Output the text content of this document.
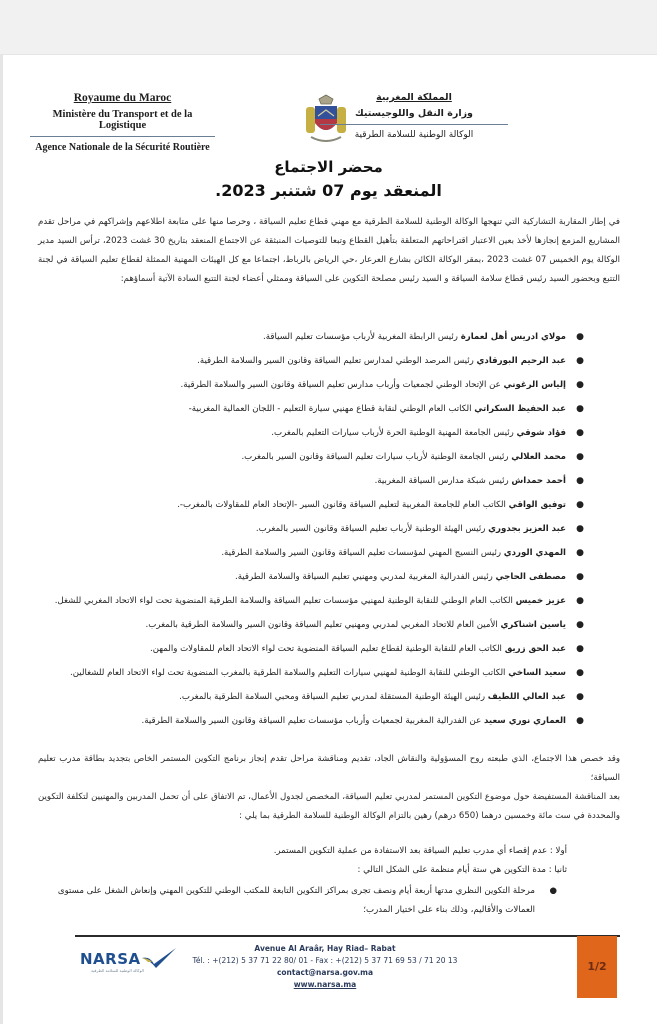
Royaume du Maroc
Ministère du Transport et de la Logistique
Agence Nationale de la Sécurité Routière
المملكة المغربية
وزارة النقل واللوجيستيك
الوكالة الوطنية للسلامة الطرقية
محضر الاجتماع
المنعقد يوم 07 شتنبر 2023.
في إطار المقاربة التشاركية التي تنهجها الوكالة الوطنية للسلامة الطرقية مع مهني قطاع تعليم السياقة ، وحرصا منها على متابعة اطلاعهم وإشراكهم في مراحل تقدم المشاريع المزمع إنجازها لأخذ بعين الاعتبار اقتراحاتهم المتعلقة بتأهيل القطاع وتبعا للتوصيات المنبثقة عن الاجتماع المنعقد بتاريخ 30 غشت 2023، ترأس السيد مدير الوكالة يوم الخميس 07 غشت 2023 ،بمقر الوكالة الكائن بشارع العرعار ،حي الرياض بالرباط، اجتماعا مع كل الهيئات المهنية الممثلة لقطاع تعليم السياقة في لجنة التتبع وبحضور السيد رئيس قطاع سلامة السياقة و السيد رئيس مصلحة التكوين على السياقة وممثلي أعضاء لجنة التتبع السادة الآتية أسماؤهم:
●
مولاي ادريس أهل لعمارة رئيس الرابطة المغربية لأرباب مؤسسات تعليم السياقة.
●
عبد الرحيم البورقادي رئيس المرصد الوطني لمدارس تعليم السياقة وقانون السير والسلامة الطرقية.
●
إلياس الرغوني عن الإتحاد الوطني لجمعيات وأرباب مدارس تعليم السياقة وقانون السير والسلامة الطرقية.
●
عبد الحفيظ السكراتي الكاتب العام الوطني لنقابة قطاع مهنيي سيارة التعليم - اللجان العمالية المغربية-
●
فؤاد شوقي رئيس الجامعة المهنية الوطنية الحرة لأرباب سيارات التعليم بالمغرب.
●
محمد العلالي رئيس الجامعة الوطنية لأرباب سيارات تعليم السياقة وقانون السير بالمغرب.
●
أحمد حمداش رئيس شبكة مدارس السياقة المغربية.
●
توفيق الواقي الكاتب العام للجامعة المغربية لتعليم السياقة وقانون السير -الإتحاد العام للمقاولات بالمغرب-.
●
عبد العزيز بجدوري رئيس الهيئة الوطنية لأرباب تعليم السياقة وقانون السير بالمغرب.
●
المهدي الوردي رئيس النسيج المهني لمؤسسات تعليم السياقة وقانون السير والسلامة الطرقية.
●
مصطفى الحاجي رئيس الفدرالية المغربية لمدربي ومهنيي تعليم السياقة والسلامة الطرقية.
●
عزيز خميس الكاتب العام الوطني للنقابة الوطنية لمهنيي مؤسسات تعليم السياقة والسلامة الطرقية المنضوية تحت لواء الاتحاد المغربي للشغل.
●
ياسين اشناكري الأمين العام للاتحاد المغربي لمدربي ومهنيي تعليم السياقة وقانون السير والسلامة الطرقية بالمغرب.
●
عبد الحق زريق الكاتب العام للنقابة الوطنية لقطاع تعليم السياقة المنضوية تحت لواء الاتحاد العام للمقاولات والمهن.
●
سعيد الساخي الكاتب الوطني للنقابة الوطنية لمهنيي سيارات التعليم والسلامة الطرقية بالمغرب المنضوية تحت لواء الاتحاد العام للشغالين.
●
عبد العالي اللطيف رئيس الهيئة الوطنية المستقلة لمدربي تعليم السياقة ومحبي السلامة الطرقية بالمغرب.
●
العماري نوري سعيد عن الفدرالية المغربية لجمعيات وأرباب مؤسسات تعليم السياقة وقانون السير والسلامة الطرقية.
وقد خصص هذا الاجتماع، الذي طبعته روح المسؤولية والنقاش الجاد، تقديم ومناقشة مراحل تقدم إنجاز برنامج التكوين المستمر الخاص بتجديد بطاقة مدرب تعليم السياقة؛
بعد المناقشة المستفيضة حول موضوع التكوين المستمر لمدربي تعليم السياقة، المخصص لجدول الأعمال، تم الاتفاق على أن تحمل المدربين والمهنيين لتكلفة التكوين والمحددة في ست مائة وخمسين درهما (650 درهم) رهين بالتزام الوكالة الوطنية للسلامة الطرقية بما يلي :
أولا : عدم إقصاء أي مدرب تعليم السياقة بعد الاستفادة من عملية التكوين المستمر.
ثانيا : مدة التكوين هي ستة أيام منظمة على الشكل التالي :
●
مرحلة التكوين النظري مدتها أربعة أيام ونصف تجرى بمراكز التكوين التابعة للمكتب الوطني للتكوين المهني وإنعاش الشغل على مستوى العمالات والأقاليم، وذلك بناء على اختيار المدرب؛
NARSA
الوكالة الوطنية للسلامة الطرقية
Avenue Al Araâr, Hay Riad– Rabat
Tél. : +(212) 5 37 71 22 80/ 01 - Fax : +(212) 5 37 71 69 53 / 71 20 13
contact@narsa.gov.ma
www.narsa.ma
1/2
